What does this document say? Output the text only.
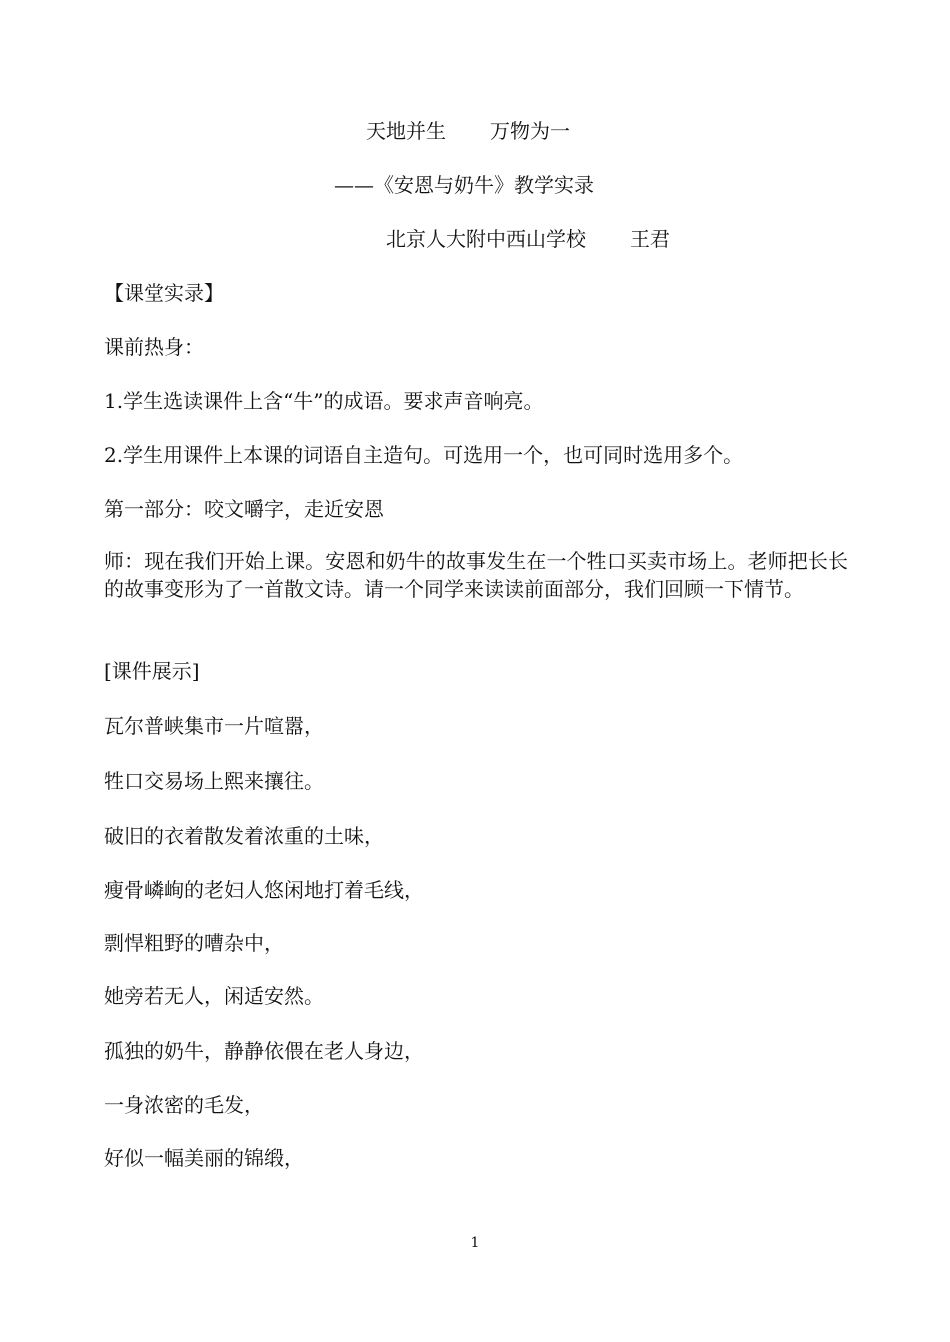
天地并生 万物为一
——《安恩与奶牛》教学实录
北京人大附中西山学校 王君
【课堂实录】
课前热身：
1.学生选读课件上含“牛”的成语。要求声音响亮。
2.学生用课件上本课的词语自主造句。可选用一个，也可同时选用多个。
第一部分：咬文嚼字，走近安恩
师：现在我们开始上课。安恩和奶牛的故事发生在一个牲口买卖市场上。老师把长长的故事变形为了一首散文诗。请一个同学来读读前面部分，我们回顾一下情节。
[课件展示]
瓦尔普峡集市一片喧嚣，
牲口交易场上熙来攘往。
破旧的衣着散发着浓重的土味，
瘦骨嶙峋的老妇人悠闲地打着毛线，
剽悍粗野的嘈杂中，
她旁若无人，闲适安然。
孤独的奶牛，静静依偎在老人身边，
一身浓密的毛发，
好似一幅美丽的锦缎，
1
